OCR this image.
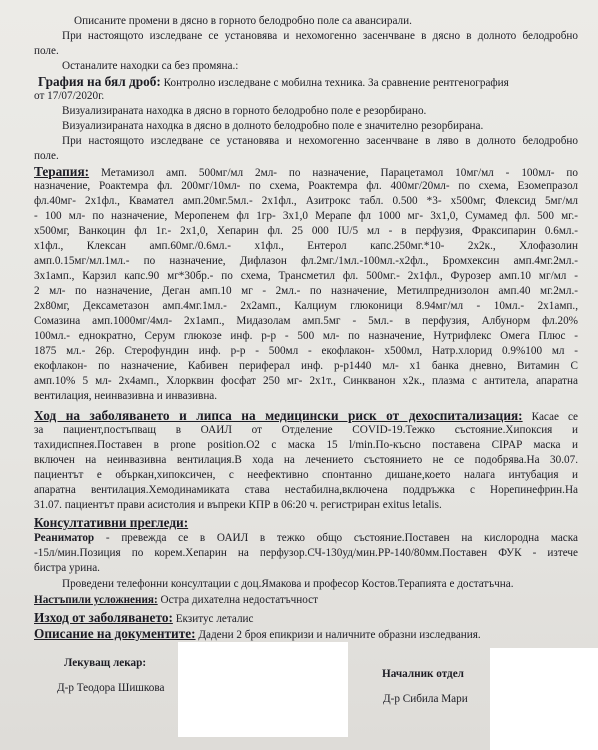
Описаните промени в дясно в горното белодробно поле са авансирали.
При настоящото изследване се установява и нехомогенно засенчване в дясно в долното белодробно
поле.
Останалите находки са без промяна.:
Графия на бял дроб: Контролно изследване с мобилна техника. За сравнение рентгенография
от 17/07/2020г.
Визуализираната находка в дясно в горното белодробно поле е резорбирано.
Визуализираната находка в дясно в долното белодробно поле е значително резорбирана.
При настоящото изследване се установява и нехомогенно засенчване в ляво в долното белодробно
поле.
Терапия: Метамизол амп. 500мг/мл 2мл- по назначение, Парацетамол 10мг/мл - 100мл- по
назначение, Роактемра фл. 200мг/10мл- по схема, Роактемра фл. 400мг/20мл- по схема, Езомепразол
фл.40мг- 2х1фл., Квамател амп.20мг.5мл.- 2х1фл., Азитрокс табл. 0.500 *3- х500мг, Флексид 5мг/мл
- 100 мл- по назначение, Меропенем фл 1гр- 3х1,0 Мерапе фл 1000 мг- 3х1,0, Сумамед фл. 500 мг.-
х500мг, Ванкоцин фл 1г.- 2х1,0, Хепарин фл. 25 000 IU/5 мл - в перфузия, Фраксипарин 0.6мл.-
х1фл., Клексан амп.60мг./0.6мл.- х1фл., Ентерол капс.250мг.*10- 2х2к., Хлофазолин
амп.0.15мг/мл.1мл.- по назначение, Дифлазон фл.2мг./1мл.-100мл.-х2фл., Бромхексин амп.4мг.2мл.-
3х1амп., Карзил капс.90 мг*30бр.- по схема, Трансметил фл. 500мг.- 2х1фл., Фурозер амп.10 мг/мл -
2 мл- по назначение, Деган амп.10 мг - 2мл.- по назначение, Метилпреднизолон амп.40 мг.2мл.-
2х80мг, Дексаметазон амп.4мг.1мл.- 2х2амп., Калциум глюконици 8.94мг/мл - 10мл.- 2х1амп.,
Сомазина амп.1000мг/4мл- 2х1амп., Мидазолам амп.5мг - 5мл.- в перфузия, Албунорм фл.20%
100мл.- еднократно, Серум глюкозе инф. р-р - 500 мл- по назначение, Нутрифлекс Омега Плюс -
1875 мл.- 26р. Стерофундин инф. р-р - 500мл - екофлакон- х500мл, Натр.хлорид 0.9%100 мл -
екофлакон- по назначение, Кабивен периферал инф. р-р1440 мл- х1 банка дневно, Витамин С
амп.10% 5 мл- 2х4амп., Хлорквин фосфат 250 мг- 2х1т., Синкванон х2к., плазма с антитела, апаратна
вентилация, неинвазивна и инвазивна.
Ход на заболяването и липса на медицински риск от дехоспитализация: Касае се
за пациент,постъпващ в ОАИЛ от Отделение COVID-19.Тежко състояние.Хипоксия и
тахидиспнея.Поставен в prone position.O2 с маска 15 l/min.По-късно поставена CIPAP маска и
включен на неинвазивна вентилация.В хода на лечението състоянието не се подобрява.На 30.07.
пациентът е объркан,хипоксичен, с неефективно спонтанно дишане,което налага интубация и
апаратна вентилация.Хемодинамиката става нестабилна,включена поддръжка с Норепинефрин.На
31.07. пациентът прави асистолия и въпреки КПР в 06:20 ч. регистриран exitus letalis.
Консултативни прегледи:
Реаниматор - превежда се в ОАИЛ в тежко общо състояние.Поставен на кислородна маска
-15л/мин.Позиция по корем.Хепарин на перфузор.СЧ-130уд/мин.РР-140/80мм.Поставен ФУК - изтече
бистра урина.
Проведени телефонни консултации с доц.Ямакова и професор Костов.Терапията е достатъчна.
Настъпили усложнения: Остра дихателна недостатъчност
Изход от заболяването: Екзитус леталис
Описание на документите: Дадени 2 броя епикризи и наличните образни изследвания.
Лекуващ лекар:
Д-р Теодора Шишкова
Началник отдел
Д-р Сибила Мари
